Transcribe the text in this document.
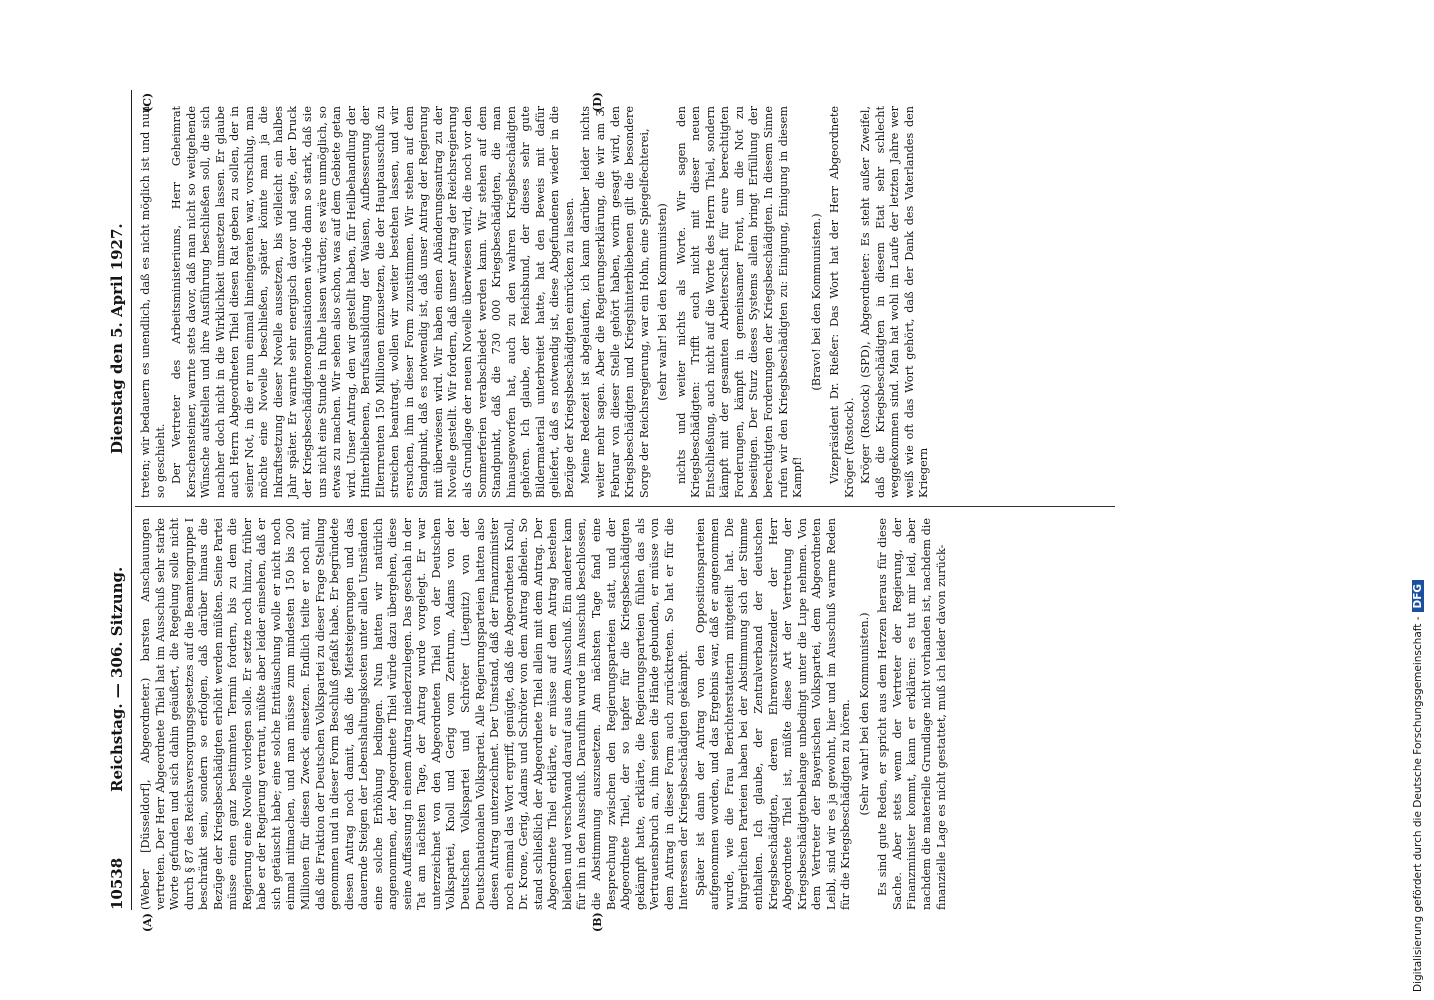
10538
Reichstag. — 306. Sitzung.
Dienstag den 5. April 1927.
(A)	(B)
(C)	(D)

(Weber [Düsseldorf], Abgeordneter.) barsten Anschauungen vertreten. Der Herr Abgeordnete Thiel hat im Ausschuß sehr starke Worte gefunden und sich dahin geäußert, die Regelung solle nicht durch § 87 des Reichsversorgungsgesetzes auf die Beamtengruppe I beschränkt sein, sondern so erfolgen, daß darüber hinaus die Bezüge der Kriegsbeschädigten erhöht werden müßten. Seine Partei müsse einen ganz bestimmten Termin fordern, bis zu dem die Regierung eine Novelle vorlegen solle. Er setzte noch hinzu, früher habe er der Regierung vertraut, müßte aber leider einsehen, daß er sich getäuscht habe; eine solche Enttäuschung wolle er nicht noch einmal mitmachen, und man müsse zum mindesten 150 bis 200 Millionen für diesen Zweck einsetzen. Endlich teilte er noch mit, daß die Fraktion der Deutschen Volkspartei zu dieser Frage Stellung genommen und in dieser Form Beschluß gefaßt habe. Er begründete diesen Antrag noch damit, daß die Mietsteigerungen und das dauernde Steigen der Lebenshaltungskosten unter allen Umständen eine solche Erhöhung bedingen. Nun hatten wir natürlich angenommen, der Abgeordnete Thiel würde dazu übergehen, diese seine Auffassung in einem Antrag niederzulegen. Das geschah in der Tat am nächsten Tage, der Antrag wurde vorgelegt. Er war unterzeichnet von den Abgeordneten Thiel von der Deutschen Volkspartei, Knoll und Gerig vom Zentrum, Adams von der Deutschen Volkspartei und Schröter (Liegnitz) von der Deutschnationalen Volkspartei. Alle Regierungsparteien hatten also diesen Antrag unterzeichnet. Der Umstand, daß der Finanzminister noch einmal das Wort ergriff, genügte, daß die Abgeordneten Knoll, Dr. Krone, Gerig, Adams und Schröter von dem Antrag abfielen. So stand schließlich der Abgeordnete Thiel allein mit dem Antrag. Der Abgeordnete Thiel erklärte, er müsse auf dem Antrag bestehen bleiben und verschwand darauf aus dem Ausschuß. Ein anderer kam für ihn in den Ausschuß. Daraufhin wurde im Ausschuß beschlossen, die Abstimmung auszusetzen. Am nächsten Tage fand eine Besprechung zwischen den Regierungsparteien statt, und der Abgeordnete Thiel, der so tapfer für die Kriegsbeschädigten gekämpft hatte, erklärte, die Regierungsparteien fühlen das als Vertrauensbruch an, ihm seien die Hände gebunden, er müsse von dem Antrag in dieser Form auch zurücktreten. So hat er für die Interessen der Kriegsbeschädigten gekämpft. Später ist dann der Antrag von den Oppositionsparteien aufgenommen worden, und das Ergebnis war, daß er angenommen wurde, wie die Frau Berichterstatterin mitgeteilt hat. Die bürgerlichen Parteien haben bei der Abstimmung sich der Stimme enthalten. Ich glaube, der Zentralverband der deutschen Kriegsbeschädigten, deren Ehrenvorsitzender der Herr Abgeordnete Thiel ist, müßte diese Art der Vertretung der Kriegsbeschädigtenbelange unbedingt unter die Lupe nehmen. Von dem Vertreter der Bayerischen Volkspartei, dem Abgeordneten Leibl, sind wir es ja gewohnt, hier und im Ausschuß warme Reden für die Kriegsbeschädigten zu hören. (Sehr wahr! bei den Kommunisten.) Es sind gute Reden, er spricht aus dem Herzen heraus für diese Sache. Aber stets wenn der Vertreter der Regierung, der Finanzminister kommt, kann er erklären: es tut mir leid, aber nachdem die materielle Grundlage nicht vorhanden ist, nachdem die finanzielle Lage es nicht gestattet, muß ich leider davon zurück-

treten; wir bedauern es unendlich, daß es nicht möglich ist und nun so geschieht. Der Vertreter des Arbeitsministeriums, Herr Geheimrat Kerschensteiner, warnte stets davor, daß man nicht so weitgehende Wünsche aufstellen und ihre Ausführung beschließen soll, die sich nachher doch nicht in die Wirklichkeit umsetzen lassen. Er glaube auch Herrn Abgeordneten Thiel diesen Rat geben zu sollen, der in seiner Not, in die er nun einmal hineingeraten war, vorschlug, man möchte eine Novelle beschließen, später könnte man ja die Inkraftsetzung dieser Novelle aussetzen, bis vielleicht ein halbes Jahr später. Er warnte sehr energisch davor und sagte, der Druck der Kriegsbeschädigtenorganisationen würde dann so stark, daß sie uns nicht eine Stunde in Ruhe lassen würden; es wäre unmöglich, so etwas zu machen. Wir sehen also schon, was auf dem Gebiete getan wird. Unser Antrag, den wir gestellt haben, für Heilbehandlung der Hinterbliebenen, Berufsausbildung der Waisen, Aufbesserung der Elternrenten 150 Millionen einzusetzen, die der Hauptausschuß zu streichen beantragt, wollen wir weiter bestehen lassen, und wir ersuchen, ihm in dieser Form zuzustimmen. Wir stehen auf dem Standpunkt, daß es notwendig ist, daß unser Antrag der Regierung mit überwiesen wird. Wir haben einen Abänderungsantrag zu der Novelle gestellt. Wir fordern, daß unser Antrag der Reichsregierung als Grundlage der neuen Novelle überwiesen wird, die noch vor den Sommerferien verabschiedet werden kann. Wir stehen auf dem Standpunkt, daß die 730 000 Kriegsbeschädigten, die man hinausgeworfen hat, auch zu den wahren Kriegsbeschädigten gehören. Ich glaube, der Reichsbund, der dieses sehr gute Bildermaterial unterbreitet hatte, hat den Beweis mit dafür geliefert, daß es notwendig ist, diese Abgefundenen wieder in die Bezüge der Kriegsbeschädigten einrücken zu lassen. Meine Redezeit ist abgelaufen, ich kann darüber leider nichts weiter mehr sagen. Aber die Regierungserklärung, die wir am 3. Februar von dieser Stelle gehört haben, worin gesagt wird, den Kriegsbeschädigten und Kriegshinterbliebenen gilt die besondere Sorge der Reichsregierung, war ein Hohn, eine Spiegelfechterei, (sehr wahr! bei den Kommunisten) nichts und weiter nichts als Worte. Wir sagen den Kriegsbeschädigten: Trifft euch nicht mit dieser neuen Entschließung, auch nicht auf die Worte des Herrn Thiel, sondern kämpft mit der gesamten Arbeiterschaft für eure berechtigten Forderungen, kämpft in gemeinsamer Front, um die Not zu beseitigen. Der Sturz dieses Systems allein bringt Erfüllung der berechtigten Forderungen der Kriegsbeschädigten. In diesem Sinne rufen wir den Kriegsbeschädigten zu: Einigung, Einigung in diesem Kampf!

(Bravo! bei den Kommunisten.) Vizepräsident Dr. Rießer: Das Wort hat der Herr Abgeordnete Kröger (Rostock). Kröger (Rostock) (SPD), Abgeordneter: Es steht außer Zweifel, daß die Kriegsbeschädigten in diesem Etat sehr schlecht weggekommen sind. Man hat wohl im Laufe der letzten Jahre wer weiß wie oft das Wort gehört, daß der Dank des Vaterlandes den Kriegern

Digitalisierung gefördert durch die Deutsche Forschungsgemeinschaft -DFG
